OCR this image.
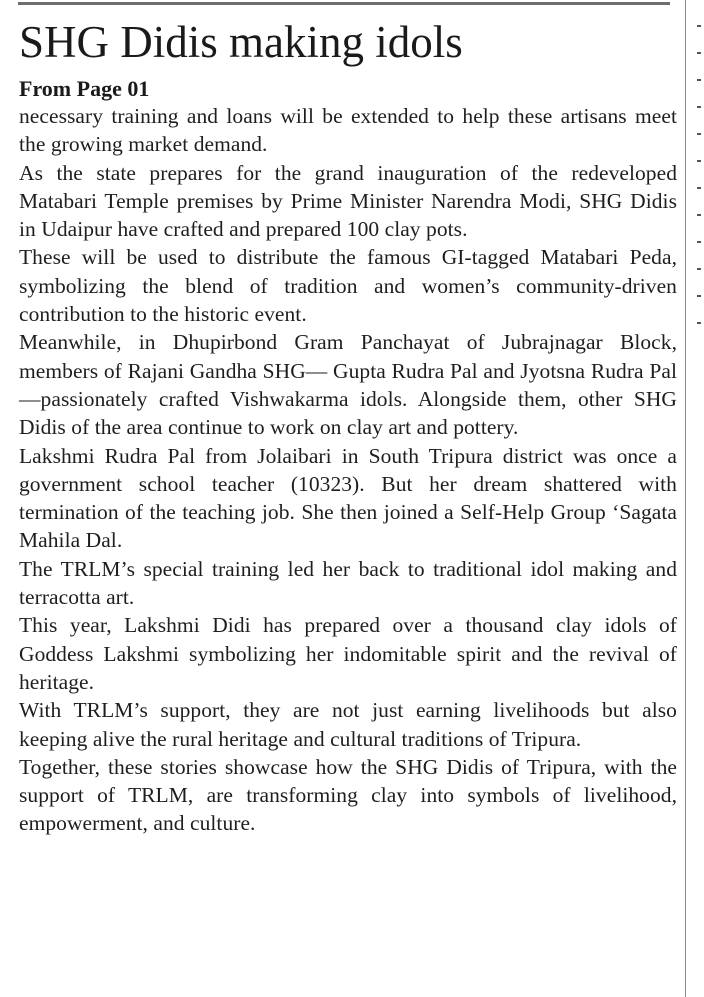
SHG Didis making idols
From Page 01

necessary training and loans will be extended to help these artisans meet the growing market demand.

As the state prepares for the grand inauguration of the redeveloped Matabari Temple premises by Prime Minister Narendra Modi, SHG Didis in Udaipur have crafted and prepared 100 clay pots.

These will be used to distribute the famous GI-tagged Matabari Peda, symbolizing the blend of tradition and women’s community-driven contribution to the historic event.

Meanwhile, in Dhupirbond Gram Panchayat of Jubrajnagar Block, members of Rajani Gandha SHG— Gupta Rudra Pal and Jyotsna Rudra Pal—passionately crafted Vishwakarma idols. Alongside them, other SHG Didis of the area continue to work on clay art and pottery.

Lakshmi Rudra Pal from Jolaibari in South Tripura district was once a government school teacher (10323). But her dream shattered with termination of the teaching job. She then joined a Self-Help Group ‘Sagata Mahila Dal.

The TRLM’s special training led her back to traditional idol making and terracotta art.

This year, Lakshmi Didi has prepared over a thousand clay idols of Goddess Lakshmi symbolizing her indomitable spirit and the revival of heritage.

With TRLM’s support, they are not just earning livelihoods but also keeping alive the rural heritage and cultural traditions of Tripura.

Together, these stories showcase how the SHG Didis of Tripura, with the support of TRLM, are transforming clay into symbols of livelihood, empowerment, and culture.
